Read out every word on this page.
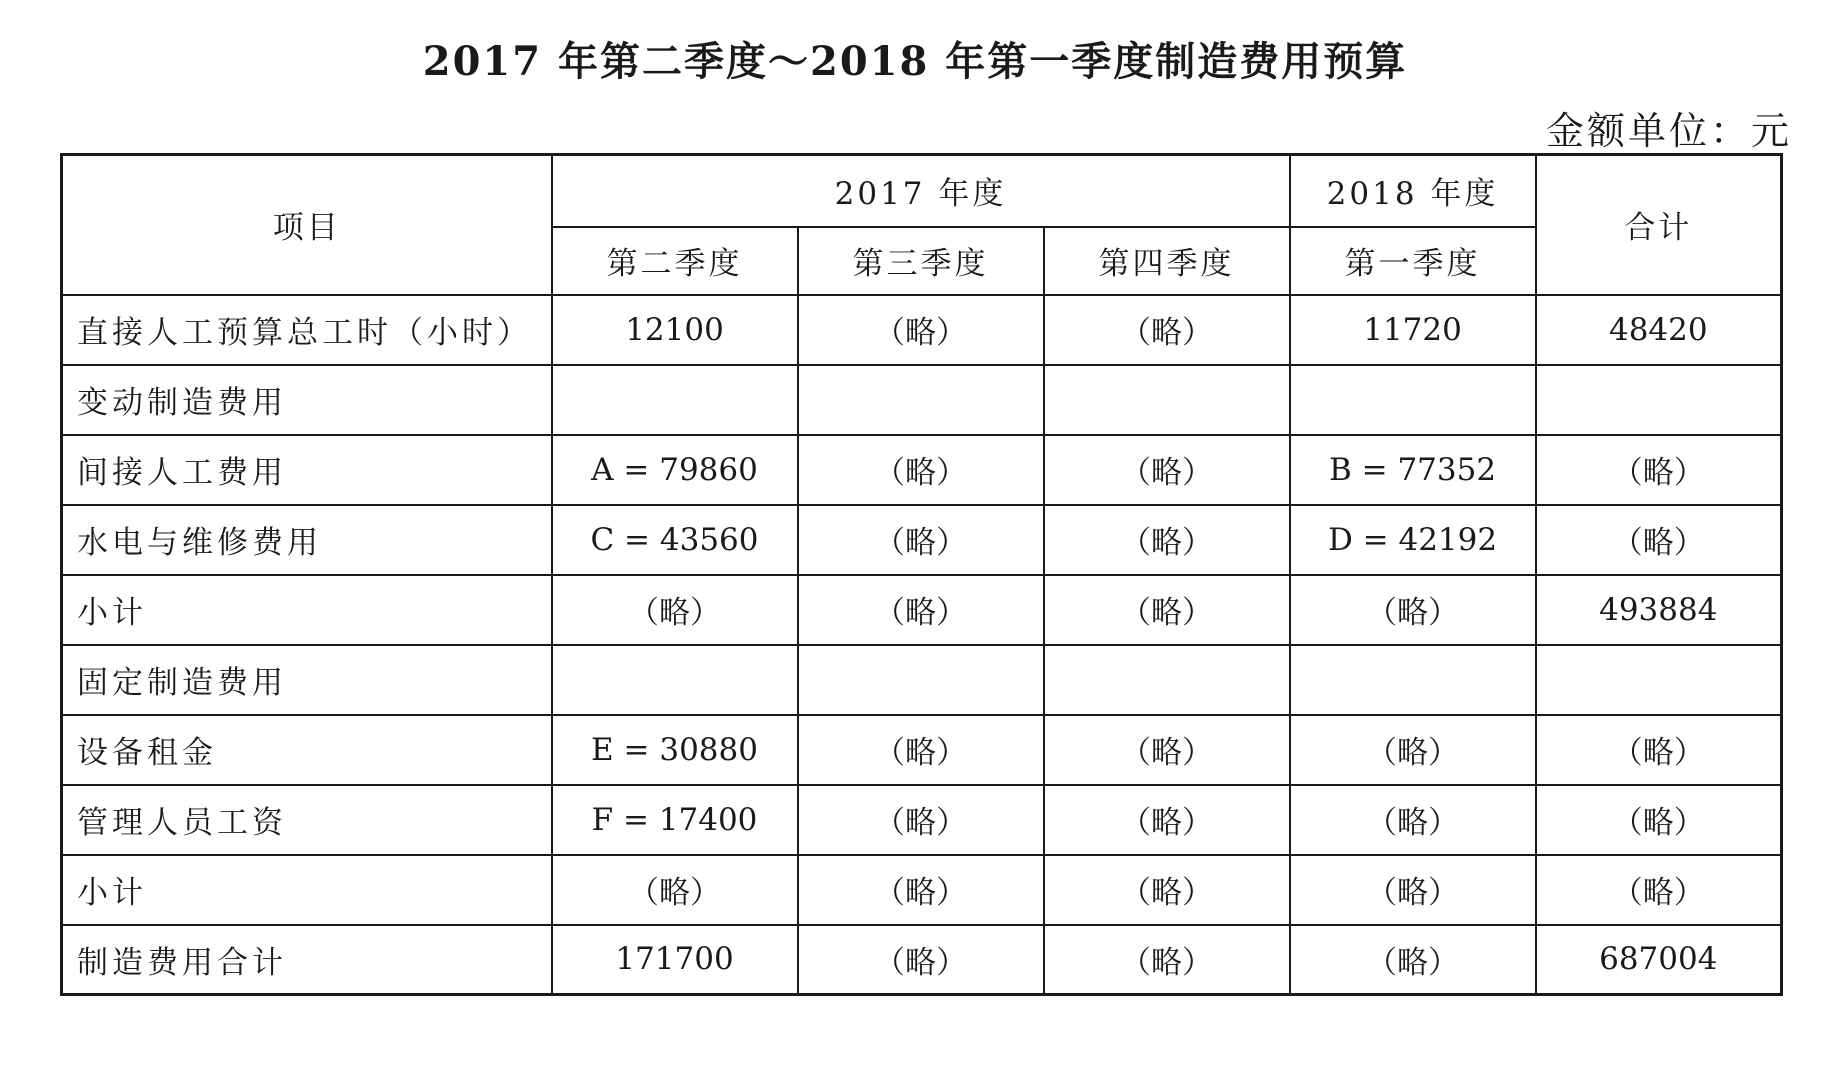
2017 年第二季度～2018 年第一季度制造费用预算
金额单位：元
项目	2017 年度			2018 年度	合计
	第二季度	第三季度	第四季度	第一季度	
直接人工预算总工时（小时）	12100	（略）	（略）	11720	48420
变动制造费用					
间接人工费用	A = 79860	（略）	（略）	B = 77352	（略）
水电与维修费用	C = 43560	（略）	（略）	D = 42192	（略）
小计	（略）	（略）	（略）	（略）	493884
固定制造费用					
设备租金	E = 30880	（略）	（略）	（略）	（略）
管理人员工资	F = 17400	（略）	（略）	（略）	（略）
小计	（略）	（略）	（略）	（略）	（略）
制造费用合计	171700	（略）	（略）	（略）	687004
